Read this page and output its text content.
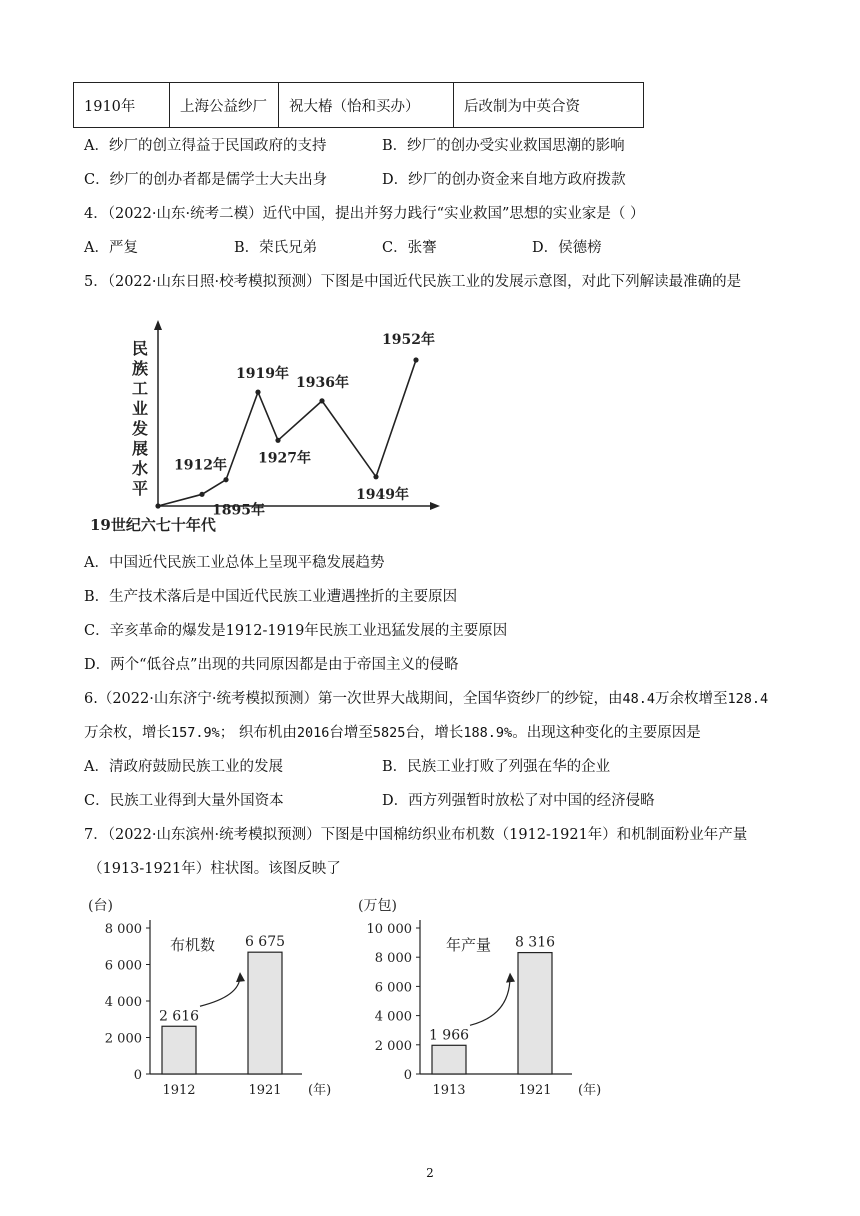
1910年	上海公益纱厂	祝大椿（怡和买办）	后改制为中英合资
A．纱厂的创立得益于民国政府的支持	B．纱厂的创办受实业救国思潮的影响
C．纱厂的创办者都是儒学士大夫出身	D．纱厂的创办资金来自地方政府拨款
4．（2022·山东·统考二模）近代中国，提出并努力践行“实业救国”思想的实业家是（ ）
A．严复	B．荣氏兄弟	C．张謇	D．侯德榜
5．（2022·山东日照·校考模拟预测）下图是中国近代民族工业的发展示意图，对此下列解读最准确的是
民
族
工
业
发
展
水
平
1895年
1912年
1919年
1927年
1936年
1949年
1952年
19世纪六七十年代
A．中国近代民族工业总体上呈现平稳发展趋势
B．生产技术落后是中国近代民族工业遭遇挫折的主要原因
C．辛亥革命的爆发是1912-1919年民族工业迅猛发展的主要原因
D．两个“低谷点”出现的共同原因都是由于帝国主义的侵略
6.（2022·山东济宁·统考模拟预测）第一次世界大战期间，全国华资纱厂的纱锭，由48.4万余枚增至128.4
万余枚，增长157.9%； 织布机由2016台增至5825台，增长188.9%。出现这种变化的主要原因是
A．清政府鼓励民族工业的发展	B．民族工业打败了列强在华的企业
C．民族工业得到大量外国资本	D．西方列强暂时放松了对中国的经济侵略
7．（2022·山东滨州·统考模拟预测）下图是中国棉纺织业布机数（1912-1921年）和机制面粉业年产量
（1913-1921年）柱状图。该图反映了
(台)
0
2 000
4 000
6 000
8 000
布机数
2 616
1912
6 675
1921 (年)
(万包)
0
2 000
4 000
6 000
8 000
10 000
年产量
1 966
1913
8 316
1921 (年)
2
